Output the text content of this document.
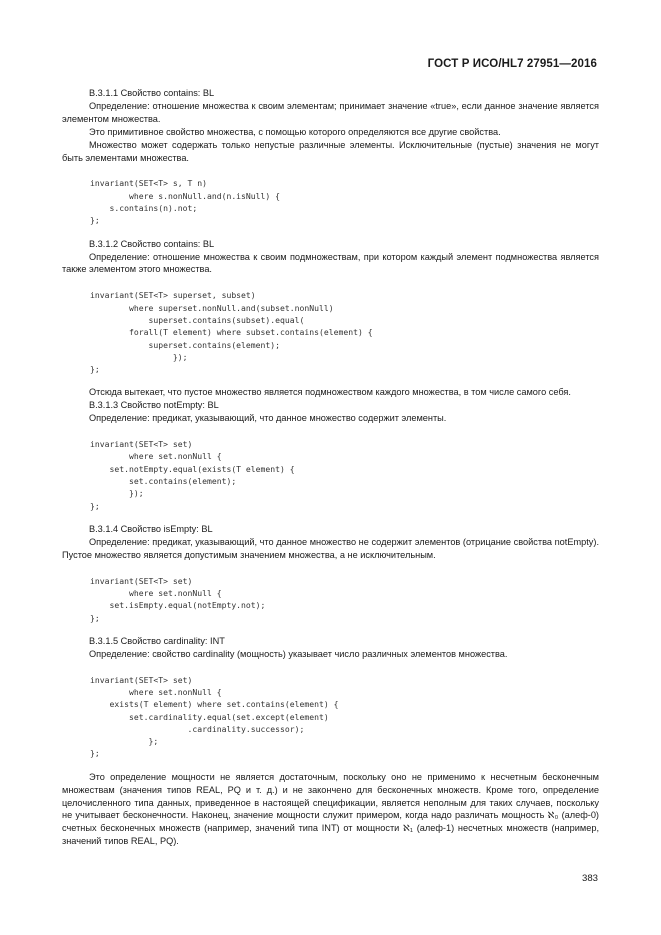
ГОСТ Р ИСО/HL7 27951—2016

B.3.1.1 Свойство contains: BL

Определение: отношение множества к своим элементам; принимает значение «true», если данное значение является элементом множества.

Это примитивное свойство множества, с помощью которого определяются все другие свойства.

Множество может содержать только непустые различные элементы. Исключительные (пустые) значения не могут быть элементами множества.

invariant(SET<T> s, T n)
where s.nonNull.and(n.isNull) {
s.contains(n).not;
};

B.3.1.2 Свойство contains: BL

Определение: отношение множества к своим подмножествам, при котором каждый элемент подмножества является также элементом этого множества.

invariant(SET<T> superset, subset)
where superset.nonNull.and(subset.nonNull)
superset.contains(subset).equal(
forall(T element) where subset.contains(element) {
superset.contains(element);
});
};

Отсюда вытекает, что пустое множество является подмножеством каждого множества, в том числе самого себя.

B.3.1.3 Свойство notEmpty: BL

Определение: предикат, указывающий, что данное множество содержит элементы.

invariant(SET<T> set)
where set.nonNull {
set.notEmpty.equal(exists(T element) {
set.contains(element);
});
};

B.3.1.4 Свойство isEmpty: BL

Определение: предикат, указывающий, что данное множество не содержит элементов (отрицание свойства notEmpty). Пустое множество является допустимым значением множества, а не исключительным.

invariant(SET<T> set)
where set.nonNull {
set.isEmpty.equal(notEmpty.not);
};

B.3.1.5 Свойство cardinality: INT

Определение: свойство cardinality (мощность) указывает число различных элементов множества.

invariant(SET<T> set)
where set.nonNull {
exists(T element) where set.contains(element) {
set.cardinality.equal(set.except(element)
.cardinality.successor);
};
};

Это определение мощности не является достаточным, поскольку оно не применимо к несчетным бесконечным множествам (значения типов REAL, PQ и т. д.) и не закончено для бесконечных множеств. Кроме того, определение целочисленного типа данных, приведенное в настоящей спецификации, является неполным для таких случаев, поскольку не учитывает бесконечности. Наконец, значение мощности служит примером, когда надо различать мощность ℵ₀ (алеф-0) счетных бесконечных множеств (например, значений типа INT) от мощности ℵ₁ (алеф-1) несчетных множеств (например, значений типов REAL, PQ).

383
